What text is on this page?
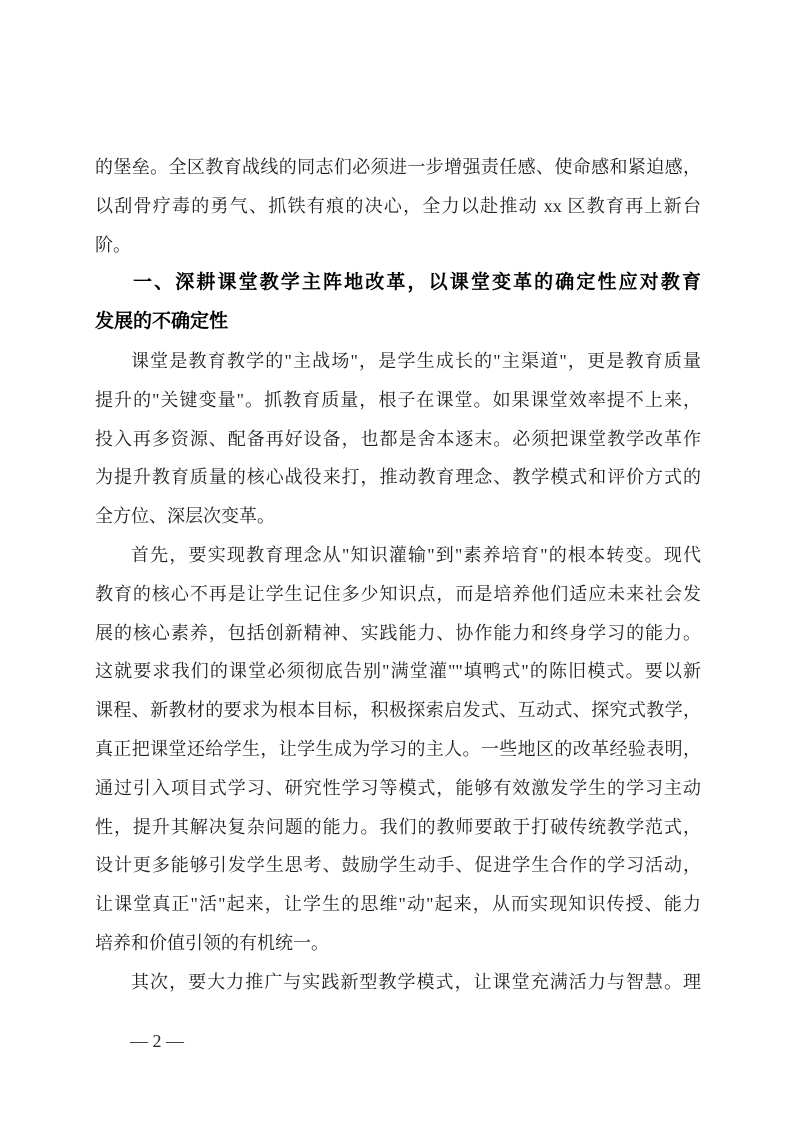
的堡垒。全区教育战线的同志们必须进一步增强责任感、使命感和紧迫感，
以刮骨疗毒的勇气、抓铁有痕的决心，全力以赴推动 xx 区教育再上新台
阶。
一、深耕课堂教学主阵地改革，以课堂变革的确定性应对教育
发展的不确定性
课堂是教育教学的"主战场"，是学生成长的"主渠道"，更是教育质量
提升的"关键变量"。抓教育质量，根子在课堂。如果课堂效率提不上来，
投入再多资源、配备再好设备，也都是舍本逐末。必须把课堂教学改革作
为提升教育质量的核心战役来打，推动教育理念、教学模式和评价方式的
全方位、深层次变革。
首先，要实现教育理念从"知识灌输"到"素养培育"的根本转变。现代
教育的核心不再是让学生记住多少知识点，而是培养他们适应未来社会发
展的核心素养，包括创新精神、实践能力、协作能力和终身学习的能力。
这就要求我们的课堂必须彻底告别"满堂灌""填鸭式"的陈旧模式。要以新
课程、新教材的要求为根本目标，积极探索启发式、互动式、探究式教学，
真正把课堂还给学生，让学生成为学习的主人。一些地区的改革经验表明，
通过引入项目式学习、研究性学习等模式，能够有效激发学生的学习主动
性，提升其解决复杂问题的能力。我们的教师要敢于打破传统教学范式，
设计更多能够引发学生思考、鼓励学生动手、促进学生合作的学习活动，
让课堂真正"活"起来，让学生的思维"动"起来，从而实现知识传授、能力
培养和价值引领的有机统一。
其次，要大力推广与实践新型教学模式，让课堂充满活力与智慧。理
— 2 —
